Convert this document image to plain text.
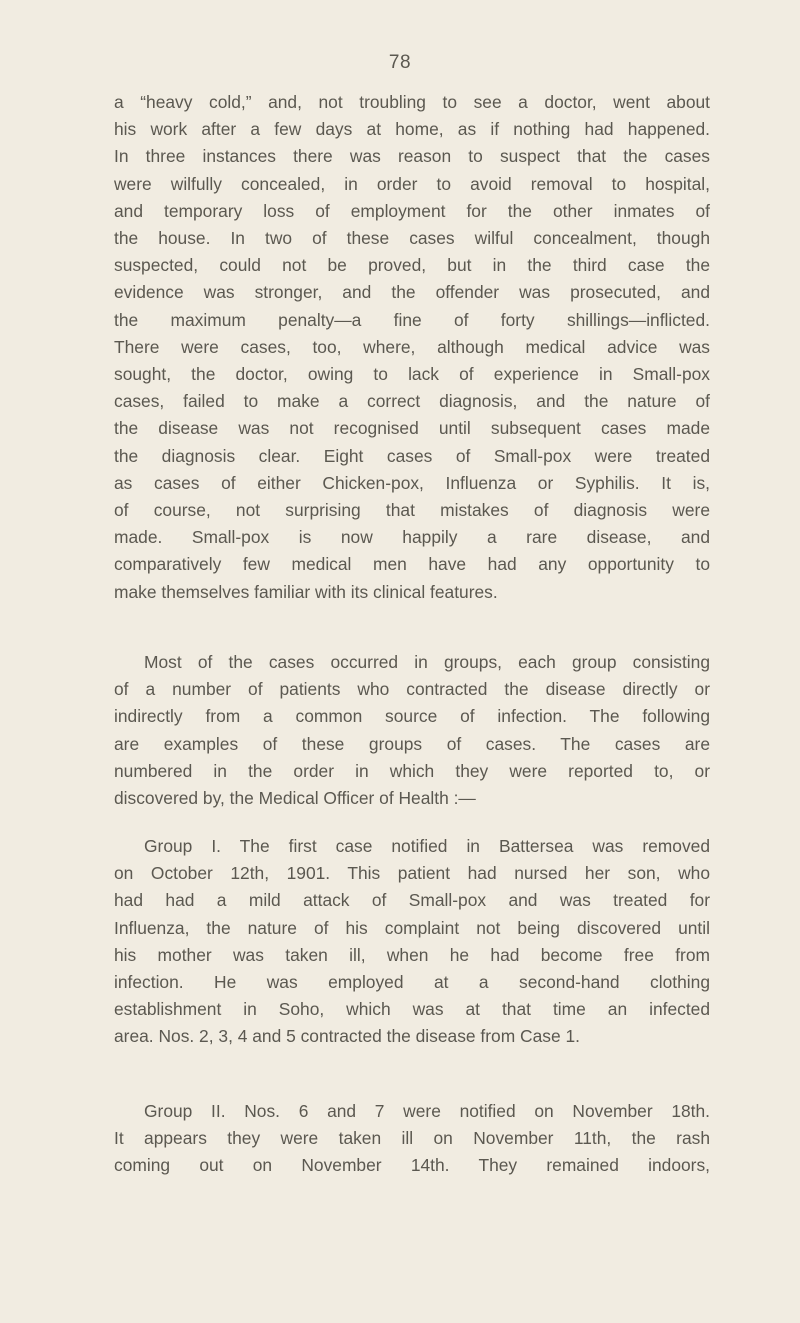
78
a “heavy cold,” and, not troubling to see a doctor, went about
his work after a few days at home, as if nothing had happened.
In three instances there was reason to suspect that the cases
were wilfully concealed, in order to avoid removal to hospital,
and temporary loss of employment for the other inmates of
the house. In two of these cases wilful concealment, though
suspected, could not be proved, but in the third case the
evidence was stronger, and the offender was prosecuted, and
the maximum penalty—a fine of forty shillings—inflicted.
There were cases, too, where, although medical advice was
sought, the doctor, owing to lack of experience in Small-pox
cases, failed to make a correct diagnosis, and the nature of
the disease was not recognised until subsequent cases made
the diagnosis clear. Eight cases of Small-pox were treated
as cases of either Chicken-pox, Influenza or Syphilis. It is,
of course, not surprising that mistakes of diagnosis were
made. Small-pox is now happily a rare disease, and
comparatively few medical men have had any opportunity to
make themselves familiar with its clinical features.
Most of the cases occurred in groups, each group consisting
of a number of patients who contracted the disease directly or
indirectly from a common source of infection. The following
are examples of these groups of cases. The cases are
numbered in the order in which they were reported to, or
discovered by, the Medical Officer of Health :—
Group I. The first case notified in Battersea was removed
on October 12th, 1901. This patient had nursed her son, who
had had a mild attack of Small-pox and was treated for
Influenza, the nature of his complaint not being discovered until
his mother was taken ill, when he had become free from
infection. He was employed at a second-hand clothing
establishment in Soho, which was at that time an infected
area. Nos. 2, 3, 4 and 5 contracted the disease from Case 1.
Group II. Nos. 6 and 7 were notified on November 18th.
It appears they were taken ill on November 11th, the rash
coming out on November 14th. They remained indoors,
